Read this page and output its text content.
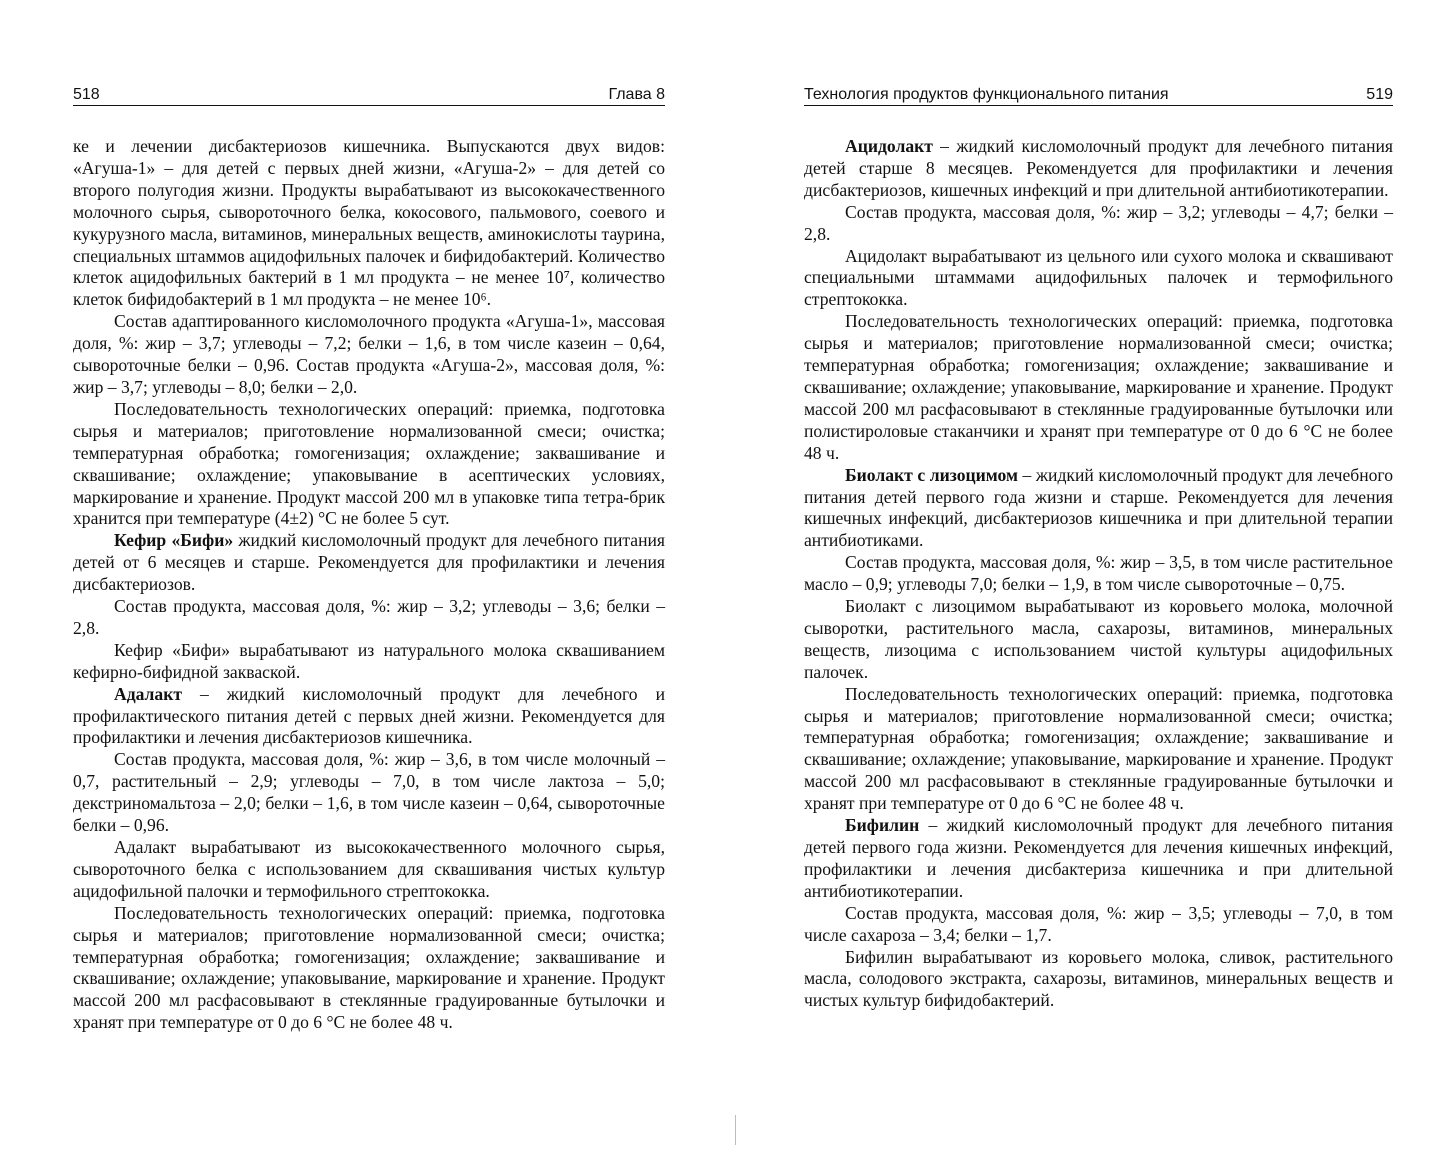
518	Глава 8

ке и лечении дисбактериозов кишечника. Выпускаются двух видов: «Агуша-1» – для детей с первых дней жизни, «Агуша-2» – для детей со второго полугодия жизни. Продукты вырабатывают из высококачественного молочного сырья, сывороточного белка, кокосового, пальмового, соевого и кукурузного масла, витаминов, минеральных веществ, аминокислоты таурина, специальных штаммов ацидофильных палочек и бифидобактерий. Количество клеток ацидофильных бактерий в 1 мл продукта – не менее 10⁷, количество клеток бифидобактерий в 1 мл продукта – не менее 10⁶.

Состав адаптированного кисломолочного продукта «Агуша-1», массовая доля, %: жир – 3,7; углеводы – 7,2; белки – 1,6, в том числе казеин – 0,64, сывороточные белки – 0,96. Состав продукта «Агуша-2», массовая доля, %: жир – 3,7; углеводы – 8,0; белки – 2,0.

Последовательность технологических операций: приемка, подготовка сырья и материалов; приготовление нормализованной смеси; очистка; температурная обработка; гомогенизация; охлаждение; заквашивание и сквашивание; охлаждение; упаковывание в асептических условиях, маркирование и хранение. Продукт массой 200 мл в упаковке типа тетра-брик хранится при температуре (4±2) °С не более 5 сут.

Кефир «Бифи» жидкий кисломолочный продукт для лечебного питания детей от 6 месяцев и старше. Рекомендуется для профилактики и лечения дисбактериозов.

Состав продукта, массовая доля, %: жир – 3,2; углеводы – 3,6; белки – 2,8.

Кефир «Бифи» вырабатывают из натурального молока сквашиванием кефирно-бифидной закваской.

Адалакт – жидкий кисломолочный продукт для лечебного и профилактического питания детей с первых дней жизни. Рекомендуется для профилактики и лечения дисбактериозов кишечника.

Состав продукта, массовая доля, %: жир – 3,6, в том числе молочный – 0,7, растительный – 2,9; углеводы – 7,0, в том числе лактоза – 5,0; декстриномальтоза – 2,0; белки – 1,6, в том числе казеин – 0,64, сывороточные белки – 0,96.

Адалакт вырабатывают из высококачественного молочного сырья, сывороточного белка с использованием для сквашивания чистых культур ацидофильной палочки и термофильного стрептококка.

Последовательность технологических операций: приемка, подготовка сырья и материалов; приготовление нормализованной смеси; очистка; температурная обработка; гомогенизация; охлаждение; заквашивание и сквашивание; охлаждение; упаковывание, маркирование и хранение. Продукт массой 200 мл расфасовывают в стеклянные градуированные бутылочки и хранят при температуре от 0 до 6 °С не более 48 ч.

Технология продуктов функционального питания	519

Ацидолакт – жидкий кисломолочный продукт для лечебного питания детей старше 8 месяцев. Рекомендуется для профилактики и лечения дисбактериозов, кишечных инфекций и при длительной антибиотикотерапии.

Состав продукта, массовая доля, %: жир – 3,2; углеводы – 4,7; белки – 2,8.

Ацидолакт вырабатывают из цельного или сухого молока и сквашивают специальными штаммами ацидофильных палочек и термофильного стрептококка.

Последовательность технологических операций: приемка, подготовка сырья и материалов; приготовление нормализованной смеси; очистка; температурная обработка; гомогенизация; охлаждение; заквашивание и сквашивание; охлаждение; упаковывание, маркирование и хранение. Продукт массой 200 мл расфасовывают в стеклянные градуированные бутылочки или полистироловые стаканчики и хранят при температуре от 0 до 6 °С не более 48 ч.

Биолакт с лизоцимом – жидкий кисломолочный продукт для лечебного питания детей первого года жизни и старше. Рекомендуется для лечения кишечных инфекций, дисбактериозов кишечника и при длительной терапии антибиотиками.

Состав продукта, массовая доля, %: жир – 3,5, в том числе растительное масло – 0,9; углеводы 7,0; белки – 1,9, в том числе сывороточные – 0,75.

Биолакт с лизоцимом вырабатывают из коровьего молока, молочной сыворотки, растительного масла, сахарозы, витаминов, минеральных веществ, лизоцима с использованием чистой культуры ацидофильных палочек.

Последовательность технологических операций: приемка, подготовка сырья и материалов; приготовление нормализованной смеси; очистка; температурная обработка; гомогенизация; охлаждение; заквашивание и сквашивание; охлаждение; упаковывание, маркирование и хранение. Продукт массой 200 мл расфасовывают в стеклянные градуированные бутылочки и хранят при температуре от 0 до 6 °С не более 48 ч.

Бифилин – жидкий кисломолочный продукт для лечебного питания детей первого года жизни. Рекомендуется для лечения кишечных инфекций, профилактики и лечения дисбактериза кишечника и при длительной антибиотикотерапии.

Состав продукта, массовая доля, %: жир – 3,5; углеводы – 7,0, в том числе сахароза – 3,4; белки – 1,7.

Бифилин вырабатывают из коровьего молока, сливок, растительного масла, солодового экстракта, сахарозы, витаминов, минеральных веществ и чистых культур бифидобактерий.
